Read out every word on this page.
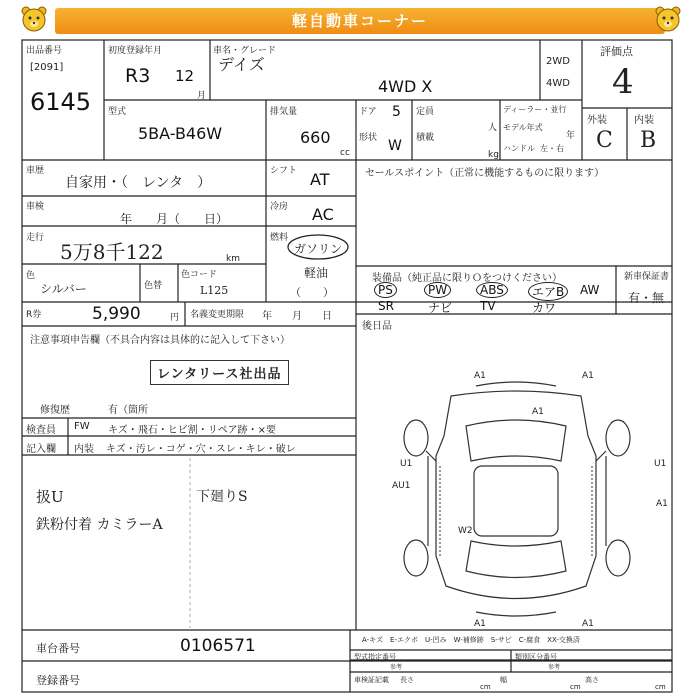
軽自動車コーナー
出品番号
[2091]
6145
初度登録年月
R3 12
月
車名・グレード
デイズ
4WD X
2WD
4WD
評価点
4
外装	内装
C B
型式
5BA-B46W
排気量
660
cc
ドア 5
形状 W
定員
人
積載
kg
ディーラー・並行
モデル年式
年
ハンドル 左・右
車歴
自家用・（　レンタ　）
シフト AT	セールスポイント（正常に機能するものに限ります）
車検
年　　月（　　日）
冷房 AC
走行
5万8千122	km
燃料
ガソリン
軽油
（　　）
色
シルバー	色替
色コード
L125
R券	5,990	円 名義変更期限 年　　月　　日
装備品（純正品に限りＯをつけください）	新車保証書
有・無
PS	PW	ABS	エアB	AW
SR	ナビ TV	カワ
後日品
注意事項申告欄（不具合内容は具体的に記入して下さい）
レンタリース社出品
修復歴	有（箇所
検査員 FW キズ・飛石・ヒビ割・リペア跡・×要
記入欄 内装 キズ・汚レ・コゲ・穴・スレ・キレ・破レ
扱U
鉄粉付着 カミラーA
下廻りS
A1	A1
A1
U1
AU1
U1
A1
W2
A1	A1
A-キズ　E-エクボ　U-凹み　W-補修跡　S-サビ　C-腐食　XX-交換済
車台番号	0106571
登録番号
型式指定番号
参考
類別区分番号
参考
車検証記載 長さ
cm
幅
cm
高さ
cm
